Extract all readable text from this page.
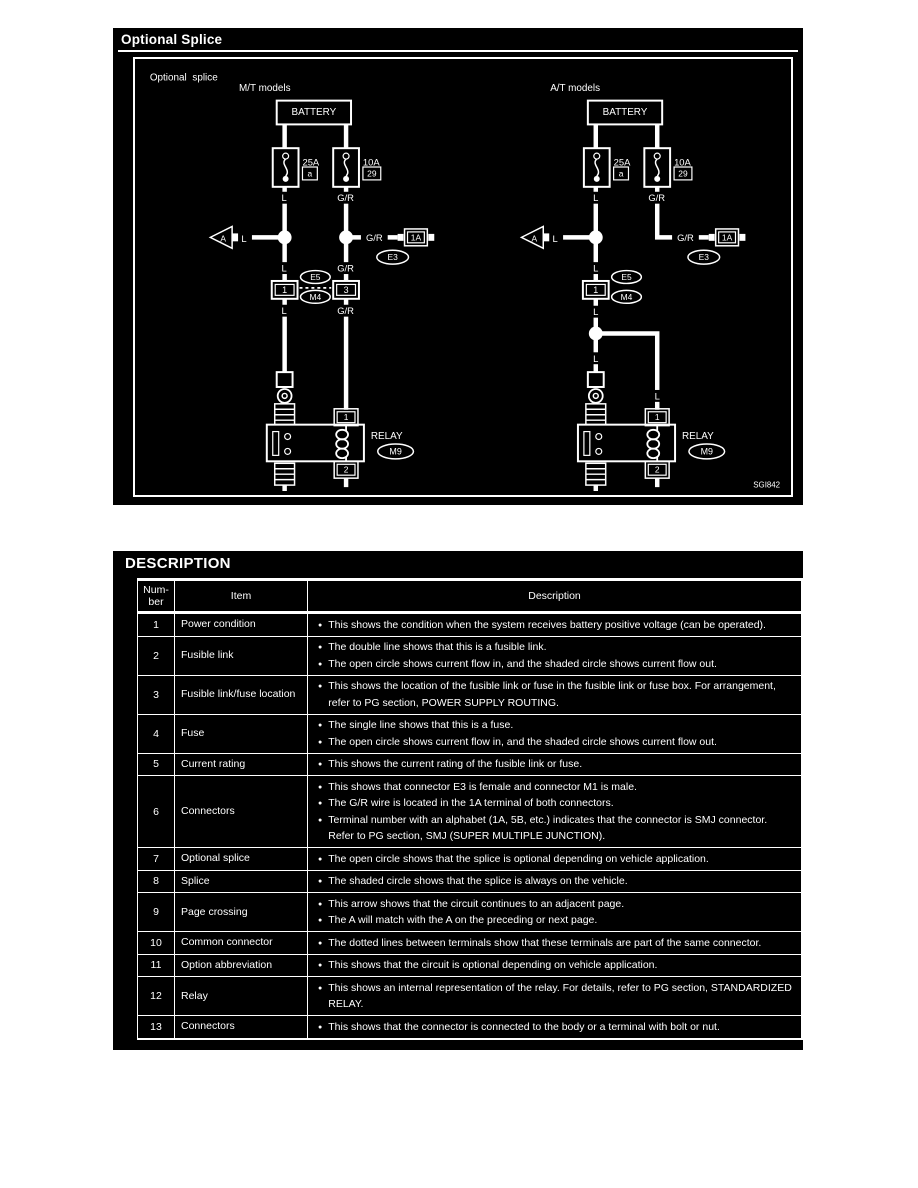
Optional Splice
Optional splice
SGI842
M/T models
BATTERY
25A
a
10A
29
L	G/R
A L	G/R	1A
E3
L	G/R
1	3
E5
M4
L	G/R
1
2
RELAY
M9
A/T models
BATTERY
25A
a
10A
29
L	G/R
A L	G/R	1A
E3
L
1
E5
M4
L
L
L
1
2
RELAY
M9
DESCRIPTION
Num-ber
Item	Description
1	Power condition	● This shows the condition when the system receives battery positive voltage (can be operated).
2	Fusible link
● The double line shows that this is a fusible link.
● The open circle shows current flow in, and the shaded circle shows current flow out.
3	Fusible link/fuse location
● This shows the location of the fusible link or fuse in the fusible link or fuse box. For arrangement, refer to PG section, POWER SUPPLY ROUTING.
4	Fuse
● The single line shows that this is a fuse.
● The open circle shows current flow in, and the shaded circle shows current flow out.
5	Current rating	● This shows the current rating of the fusible link or fuse.
6	Connectors
● This shows that connector E3 is female and connector M1 is male.
● The G/R wire is located in the 1A terminal of both connectors.
● Terminal number with an alphabet (1A, 5B, etc.) indicates that the connector is SMJ connector. Refer to PG section, SMJ (SUPER MULTIPLE JUNCTION).
7	Optional splice	● The open circle shows that the splice is optional depending on vehicle application.
8	Splice	● The shaded circle shows that the splice is always on the vehicle.
9	Page crossing
● This arrow shows that the circuit continues to an adjacent page.
● The A will match with the A on the preceding or next page.
10	Common connector	● The dotted lines between terminals show that these terminals are part of the same connector.
11	Option abbreviation	● This shows that the circuit is optional depending on vehicle application.
12	Relay
● This shows an internal representation of the relay. For details, refer to PG section, STANDARDIZED RELAY.
13	Connectors	● This shows that the connector is connected to the body or a terminal with bolt or nut.
